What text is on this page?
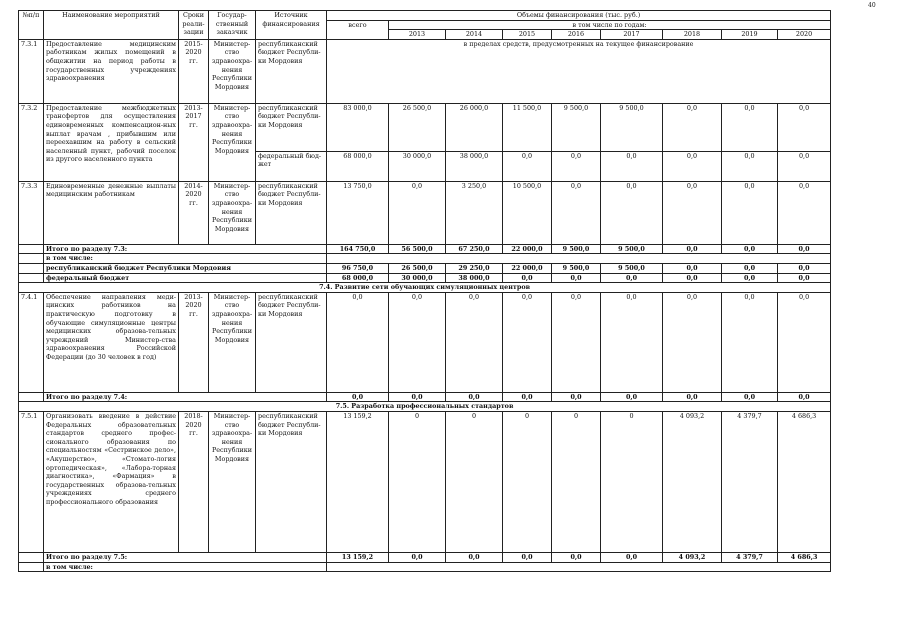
40
№п/п	Наименование мероприятий	Сроки реали-зации	Государ-ственный заказчик	Источник финансирования	Объемы финансирования (тыс. руб.)								
					всего	в том числе по годам:							
						2013	2014	2015	2016	2017	2018	2019	2020
7.3.1	Предоставление медицинским работникам жилых помещений в общежитии на период работы в государственных учреждениях здравоохранения	2015-2020 гг.	Министер-ство здравоохра-нения Республики Мордовия	республиканский бюджет Республи-ки Мордовия	в пределах средств, предусмотренных на текущее финансирование								
7.3.2	Предоставление межбюджетных трансфертов для осуществления единовременных компенсацион-ных выплат врачам , прибывшим или переехавшим на работу в сельский населенный пункт, рабочий поселок из другого населенного пункта	2013-2017 гг.	Министер-ство здравоохра-нения Республики Мордовия	республиканский бюджет Республи-ки Мордовия	83 000,0	26 500,0	26 000,0	11 500,0	9 500,0	9 500,0	0,0	0,0	0,0
				федеральный бюд-жет	68 000,0	30 000,0	38 000,0	0,0	0,0	0,0	0,0	0,0	0,0
7.3.3	Единовременные денежные выплаты медицинским работникам	2014-2020 гг.	Министер-ство здравоохра-нения Республики Мордовия	республиканский бюджет Республи-ки Мордовия	13 750,0	0,0	3 250,0	10 500,0	0,0	0,0	0,0	0,0	0,0
	Итого по разделу 7.3:				164 750,0	56 500,0	67 250,0	22 000,0	9 500,0	9 500,0	0,0	0,0	0,0
	в том числе:												
	республиканский бюджет Республики Мордовия				96 750,0	26 500,0	29 250,0	22 000,0	9 500,0	9 500,0	0,0	0,0	0,0
	федеральный бюджет				68 000,0	30 000,0	38 000,0	0,0	0,0	0,0	0,0	0,0	0,0
7.4. Развитие сети обучающих симуляционных центров													
7.4.1	Обеспечение направления меди-цинских работников на практическую подготовку в обучающие симуляционные центры медицинских образова-тельных учреждений Министер-ства здравоохранения Российской Федерации (до 30 человек в год)	2013-2020 гг.	Министер-ство здравоохра-нения Республики Мордовия	республиканский бюджет Республи-ки Мордовия	0,0	0,0	0,0	0,0	0,0	0,0	0,0	0,0	0,0
	Итого по разделу 7.4:				0,0	0,0	0,0	0,0	0,0	0,0	0,0	0,0	0,0
7.5. Разработка профессиональных стандартов													
7.5.1	Организовать введение в действие Федеральных образовательных стандартов среднего профес-сионального образования по специальностям «Сестринское дело», «Акушерство», «Стомато-логия ортопедическая», «Лабора-торная диагностика», «Фармация» в государственных образова-тельных учреждениях среднего профессионального образования	2018-2020 гг.	Министер-ство здравоохра-нения Республики Мордовия	республиканский бюджет Республи-ки Мордовия	13 159,2	0	0	0	0	0	4 093,2	4 379,7	4 686,3
	Итого по разделу 7.5:				13 159,2	0,0	0,0	0,0	0,0	0,0	4 093,2	4 379,7	4 686,3
	в том числе:												
